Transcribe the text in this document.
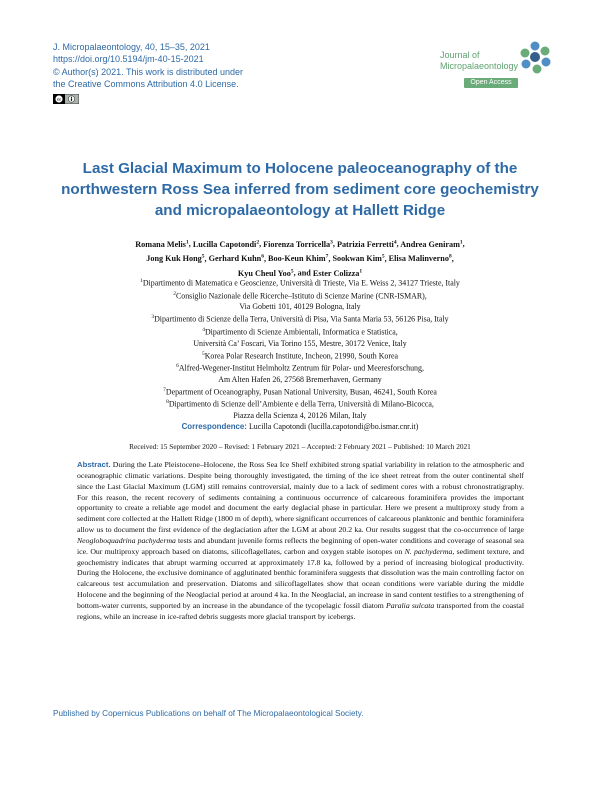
J. Micropalaeontology, 40, 15–35, 2021
https://doi.org/10.5194/jm-40-15-2021
© Author(s) 2021. This work is distributed under
the Creative Commons Attribution 4.0 License.
cc
Journal of
Micropalaeontology
Open Access
Last Glacial Maximum to Holocene paleoceanography of the northwestern Ross Sea inferred from sediment core geochemistry and micropalaeontology at Hallett Ridge
Romana Melis$^1$, Lucilla Capotondi$^2$, Fiorenza Torricella$^3$, Patrizia Ferretti$^4$, Andrea Geniram$^1$,
Jong Kuk Hong$^5$, Gerhard Kuhn$^6$, Boo-Keun Khim$^7$, Sookwan Kim$^5$, Elisa Malinverno$^8$,
Kyu Cheul Yoo$^5$, and Ester Colizza$^1$
$^1$Dipartimento di Matematica e Geoscienze, Università di Trieste, Via E. Weiss 2, 34127 Trieste, Italy
$^2$Consiglio Nazionale delle Ricerche–Istituto di Scienze Marine (CNR-ISMAR),
Via Gobetti 101, 40129 Bologna, Italy
$^3$Dipartimento di Scienze della Terra, Università di Pisa, Via Santa Maria 53, 56126 Pisa, Italy
$^4$Dipartimento di Scienze Ambientali, Informatica e Statistica,
Università Ca’ Foscari, Via Torino 155, Mestre, 30172 Venice, Italy
$^5$Korea Polar Research Institute, Incheon, 21990, South Korea
$^6$Alfred-Wegener-Institut Helmholtz Zentrum für Polar- und Meeresforschung,
Am Alten Hafen 26, 27568 Bremerhaven, Germany
$^7$Department of Oceanography, Pusan National University, Busan, 46241, South Korea
$^8$Dipartimento di Scienze dell’Ambiente e della Terra, Università di Milano-Bicocca,
Piazza della Scienza 4, 20126 Milan, Italy
Correspondence: Lucilla Capotondi (lucilla.capotondi@bo.ismar.cnr.it)
Received: 15 September 2020 – Revised: 1 February 2021 – Accepted: 2 February 2021 – Published: 10 March 2021
Abstract. During the Late Pleistocene–Holocene, the Ross Sea Ice Shelf exhibited strong spatial variability in relation to the atmospheric and oceanographic climatic variations. Despite being thoroughly investigated, the timing of the ice sheet retreat from the outer continental shelf since the Last Glacial Maximum (LGM) still remains controversial, mainly due to a lack of sediment cores with a robust chronostratigraphy. For this reason, the recent recovery of sediments containing a continuous occurrence of calcareous foraminifera provides the important opportunity to create a reliable age model and document the early deglacial phase in particular. Here we present a multiproxy study from a sediment core collected at the Hallett Ridge (1800 m of depth), where significant occurrences of calcareous planktonic and benthic foraminifera allow us to document the first evidence of the deglaciation after the LGM at about 20.2 ka. Our results suggest that the co-occurrence of large Neogloboquadrina pachyderma tests and abundant juvenile forms reflects the beginning of open-water conditions and coverage of seasonal sea ice. Our multiproxy approach based on diatoms, silicoflagellates, carbon and oxygen stable isotopes on N. pachyderma, sediment texture, and geochemistry indicates that abrupt warming occurred at approximately 17.8 ka, followed by a period of increasing biological productivity. During the Holocene, the exclusive dominance of agglutinated benthic foraminifera suggests that dissolution was the main controlling factor on calcareous test accumulation and preservation. Diatoms and silicoflagellates show that ocean conditions were variable during the middle Holocene and the beginning of the Neoglacial period at around 4 ka. In the Neoglacial, an increase in sand content testifies to a strengthening of bottom-water currents, supported by an increase in the abundance of the tycopelagic fossil diatom Paralia sulcata transported from the coastal regions, while an increase in ice-rafted debris suggests more glacial transport by icebergs.
Published by Copernicus Publications on behalf of The Micropalaeontological Society.
